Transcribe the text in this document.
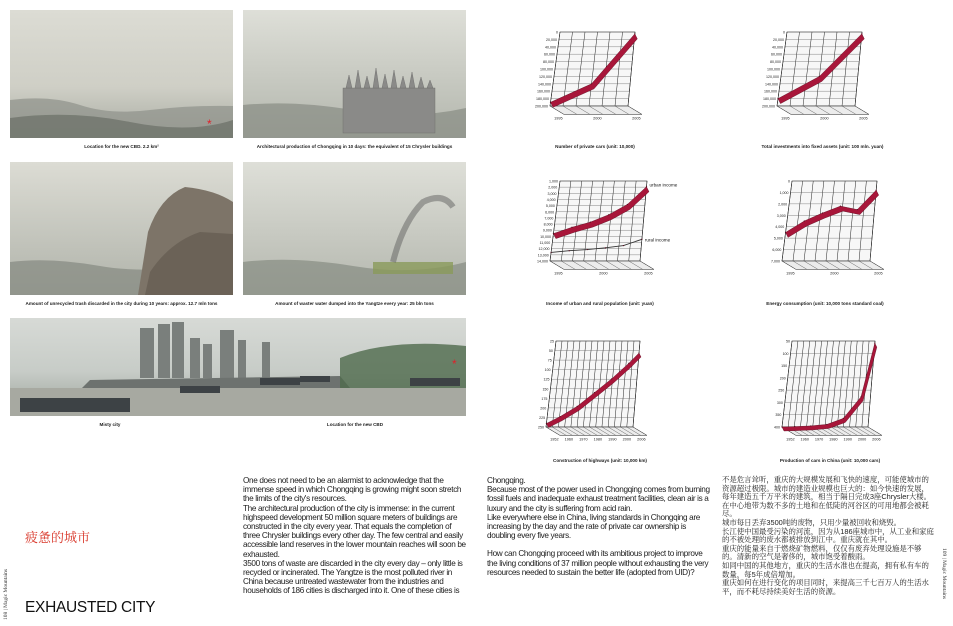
*
Location for the new CBD. 2.2 km²	Architectural production of Chongqing in 10 days: the equivalent of 15 Chrysler buildings
Amount of unrecycled trash discarded in the city during 10 years: approx. 12.7 mln tons	Amount of waster water dumped into the Yangtze every year: 25 bln tons
*
Misty city	Location for the new CBD
200,000
180,000
160,000
140,000
120,000
100,000
80,000
60,000
40,000
20,000
0
1995	2000	2005
Number of private cars (unit: 10,000)
200,000
180,000
160,000
140,000
120,000
100,000
80,000
60,000
40,000
20,000
0
1995	2000	2005
Total investments into fixed assets (unit: 100 mln. yuan)
14,000
13,000
12,000
11,000
10,000
9,000
8,000
7,000
6,000
5,000
4,000
3,000
2,000
1,000
1995	2000	2005
urban income
rural income
Income of urban and rural population (unit: yuan)
7,000
6,000
5,000
4,000
3,000
2,000
1,000
0
1995	2000	2005
Energy consumption (unit: 10,000 tons standard coal)
250
225
200
175
150
125
100
75
50
25
1952 1960 1970 1980 1990 2000 2006
Construction of highways (unit: 10,000 km)
400
350
300
250
200
150
100
50
1952 1960 1970 1980 1990 2000 2006
Production of cars in China (unit: 10,000 cars)
108 | Magic Mountains	109 | Magic Mountains
疲惫的城市
EXHAUSTED CITY

One does not need to be an alarmist to acknowledge that the immense speed in which Chongqing is growing might soon stretch the limits of the city's resources.

The architectural production of the city is immense: in the current highspeed development 50 million square meters of buildings are constructed in the city every year. That equals the completion of three Chrysler buildings every other day. The few central and easily accessible land reserves in the lower mountain reaches will soon be exhausted.

3500 tons of waste are discarded in the city every day – only little is recycled or incinerated. The Yangtze is the most polluted river in China because untreated wastewater from the industries and households of 186 cities is discharged into it. One of these cities is

Chongqing.

Because most of the power used in Chongqing comes from burning fossil fuels and inadequate exhaust treatment facilities, clean air is a luxury and the city is suffering from acid rain.

Like everywhere else in China, living standards in Chongqing are increasing by the day and the rate of private car ownership is doubling every five years.

How can Chongqing proceed with its ambitious project to improve the living conditions of 37 million people without exhausting the very resources needed to sustain the better life (adopted from UID)?

不是危言耸听，重庆的大规模发展和飞快的速度，可能使城市的资源超过极限。城市的建造业规模也巨大的：如今快速的发展，每年建造五千万平米的建筑，相当于隔日完成3座Chrysler大楼。在中心地带为数不多的土地和在低陡的河谷区的可用地都会被耗尽。

城市每日丢弃3500吨的废物，只用少量被回收和烧毁。

长江使中国最受污染的河流，因为从186座城市中，从工业和家庭的不被处理的废水都被排放到江中。重庆就在其中。

重庆的能量来自于燃烧矿物燃料，仅仅有废弃处理设施是不够的。清新的空气是奢侈的，城市饱受着酸雨。

如同中国的其他地方，重庆的生活水准也在提高，拥有私有车的数量，每5年成倍增加。

重庆如何在进行变化的项目同时，来提高三千七百万人的生活水平，而不耗尽持续美好生活的资源。
